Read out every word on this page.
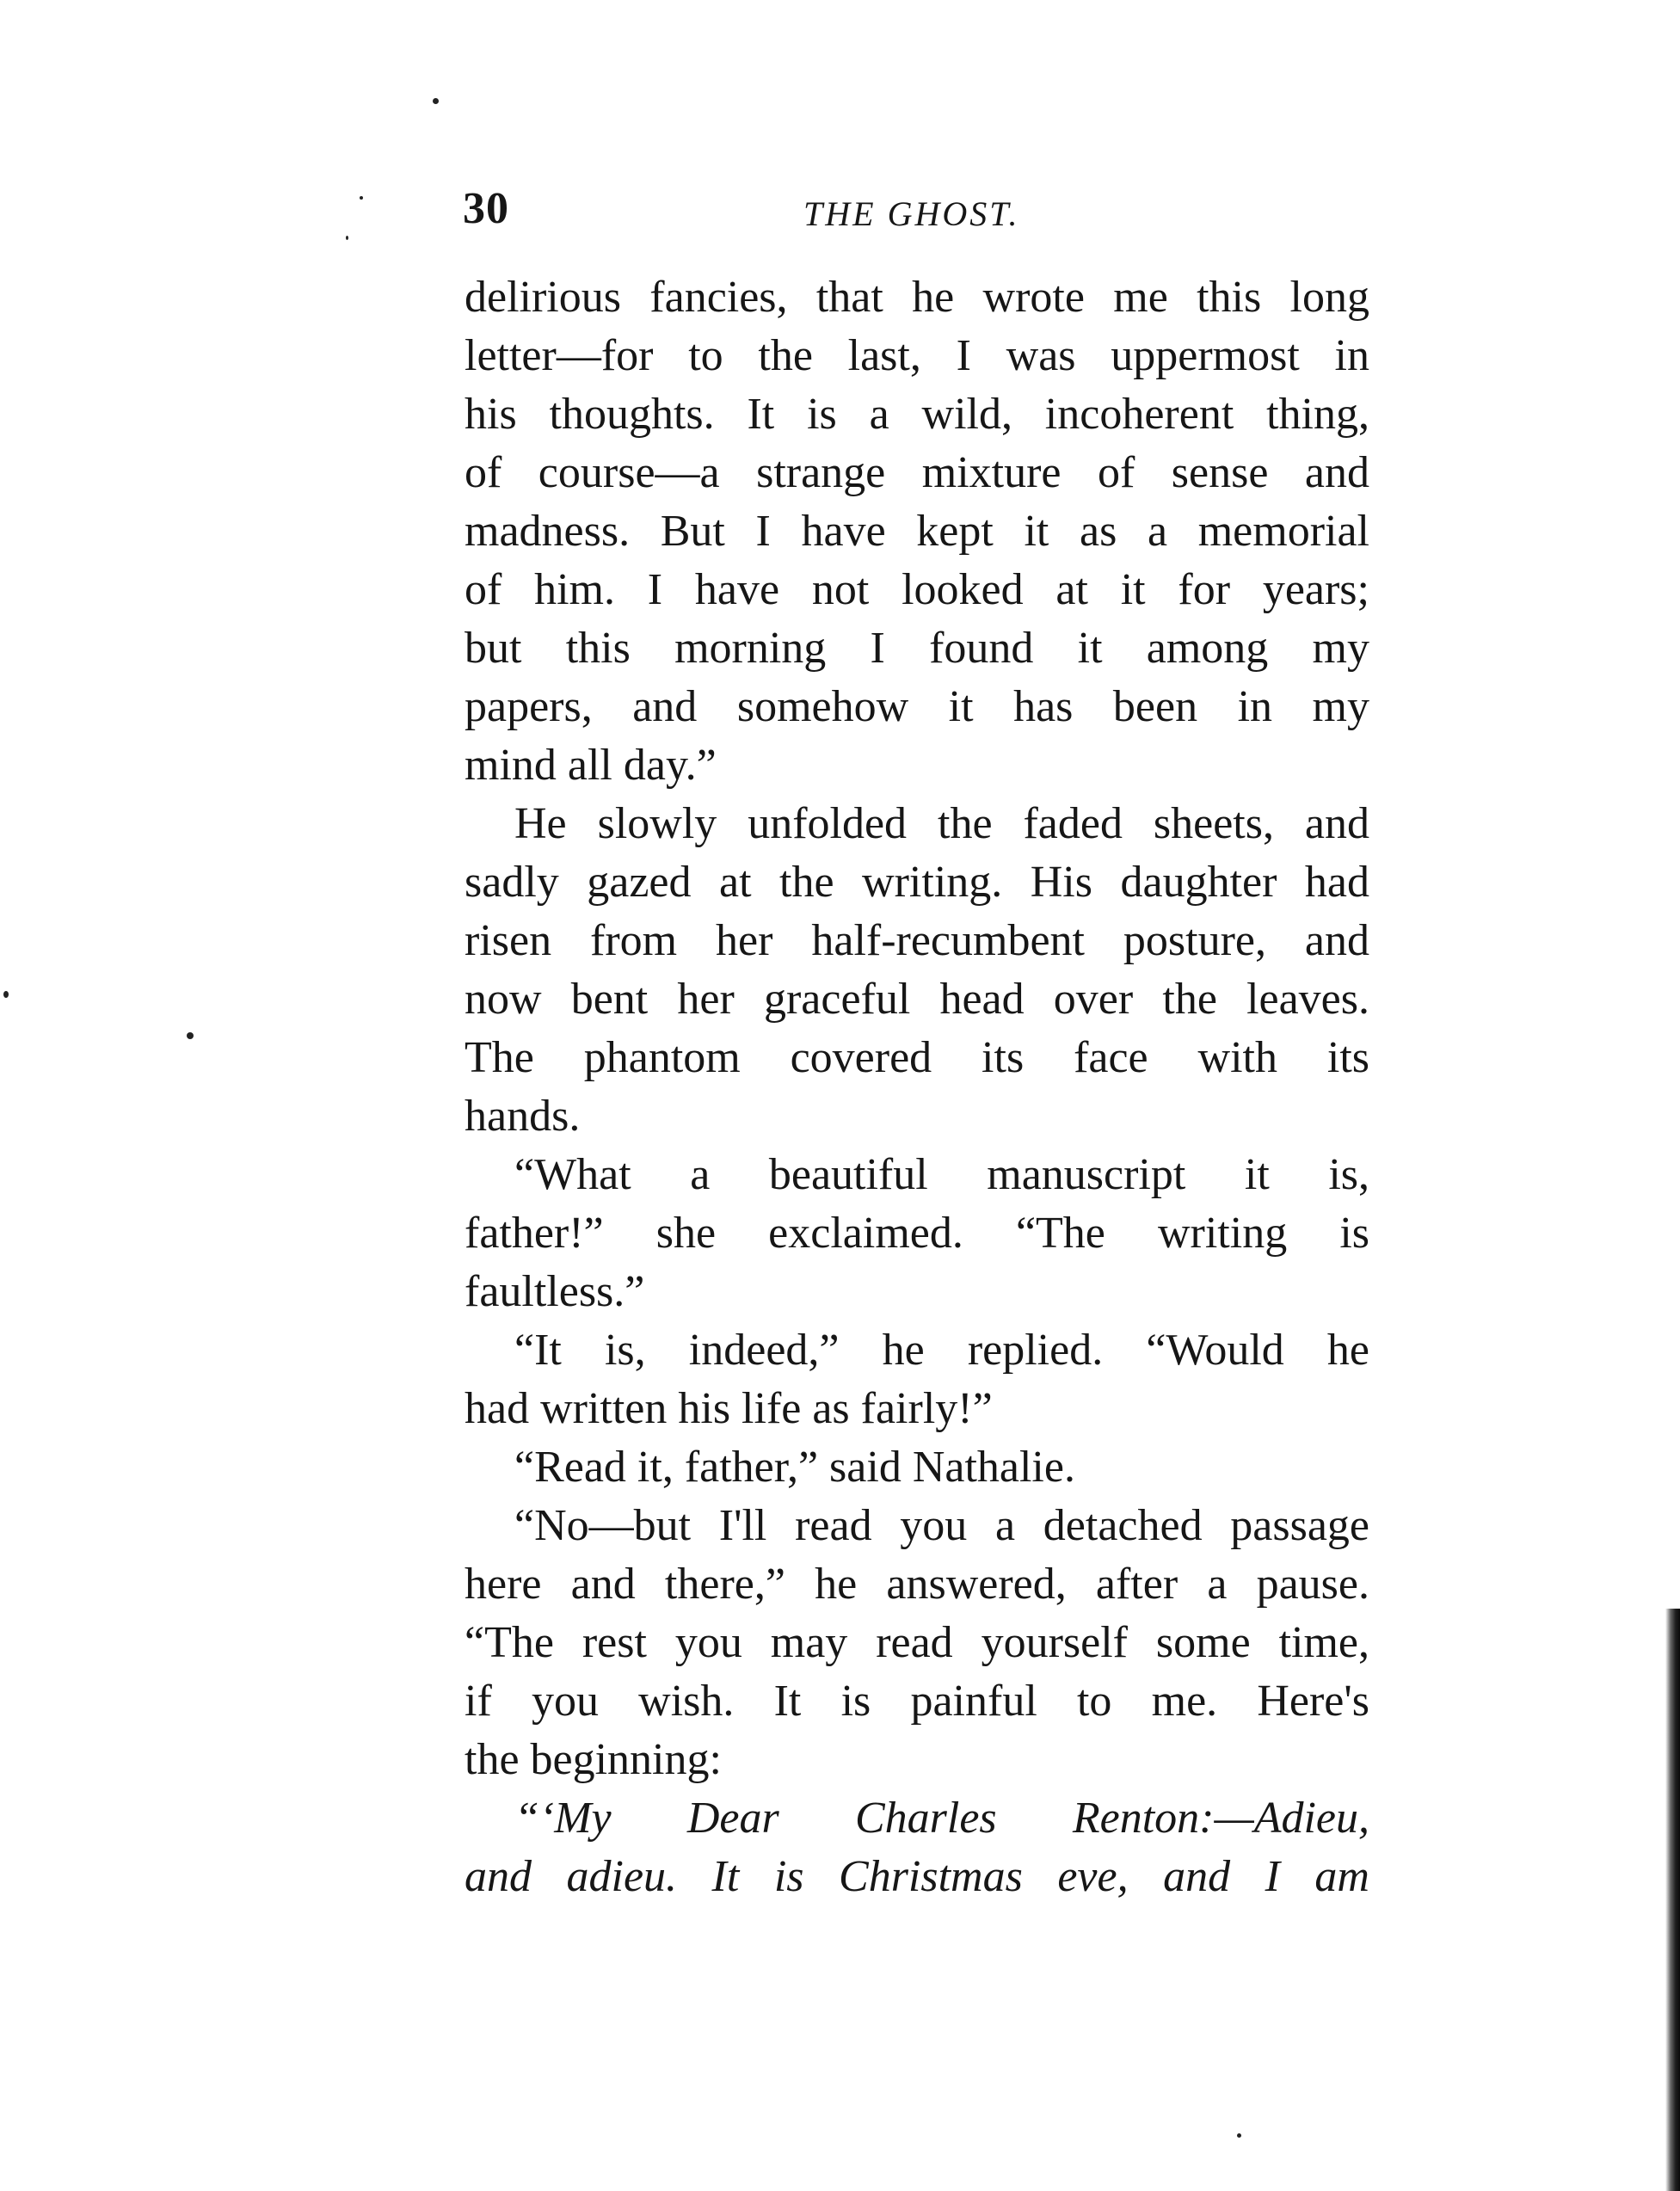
30	THE GHOST.
delirious fancies, that he wrote me this long
letter—for to the last, I was uppermost in
his thoughts. It is a wild, incoherent thing,
of course—a strange mixture of sense and
madness. But I have kept it as a memorial
of him. I have not looked at it for years;
but this morning I found it among my
papers, and somehow it has been in my
mind all day.”
He slowly unfolded the faded sheets, and
sadly gazed at the writing. His daughter had
risen from her half-recumbent posture, and
now bent her graceful head over the leaves.
The phantom covered its face with its
hands.
“What a beautiful manuscript it is,
father!” she exclaimed. “The writing is
faultless.”
“It is, indeed,” he replied. “Would he
had written his life as fairly!”
“Read it, father,” said Nathalie.
“No—but I'll read you a detached passage
here and there,” he answered, after a pause.
“The rest you may read yourself some time,
if you wish. It is painful to me. Here's
the beginning:
“‘My Dear Charles Renton:—Adieu,
and adieu. It is Christmas eve, and I am
